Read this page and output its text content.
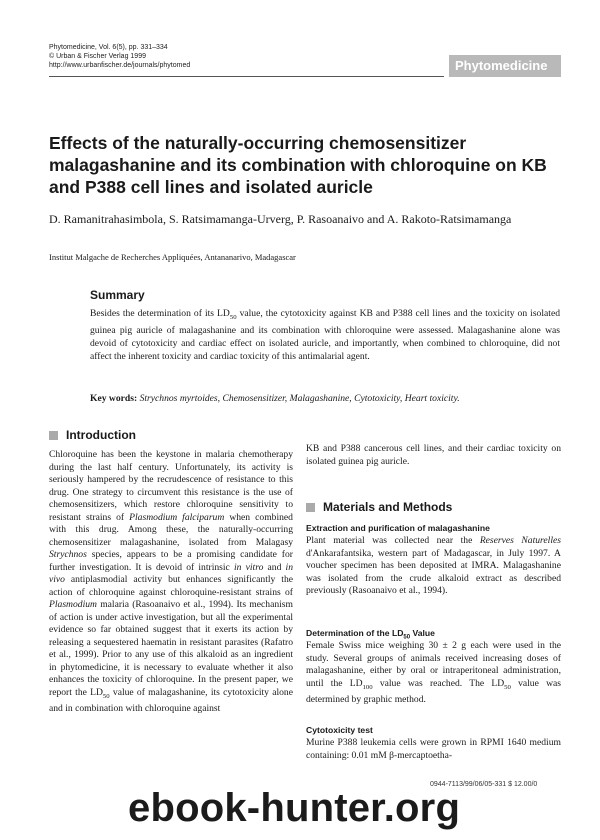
Phytomedicine, Vol. 6(5), pp. 331–334
© Urban & Fischer Verlag 1999
http://www.urbanfischer.de/journals/phytomed	Phytomedicine
Effects of the naturally-occurring chemosensitizer malagashanine and its combination with chloroquine on KB and P388 cell lines and isolated auricle
D. Ramanitrahasimbola, S. Ratsimamanga-Urverg, P. Rasoanaivo and A. Rakoto-Ratsimamanga
Institut Malgache de Recherches Appliquées, Antananarivo, Madagascar
Summary

Besides the determination of its $LD_{50}$ value, the cytotoxicity against KB and P388 cell lines and the toxicity on isolated guinea pig auricle of malagashanine and its combination with chloroquine were assessed. Malagashanine alone was devoid of cytotoxicity and cardiac effect on isolated auricle, and importantly, when combined to chloroquine, did not affect the inherent toxicity and cardiac toxicity of this antimalarial agent.

Key words: Strychnos myrtoides, Chemosensitizer, Malagashanine, Cytotoxicity, Heart toxicity.
Introduction

Chloroquine has been the keystone in malaria chemotherapy during the last half century. Unfortunately, its activity is seriously hampered by the recrudescence of resistance to this drug. One strategy to circumvent this resistance is the use of chemosensitizers, which restore chloroquine sensitivity to resistant strains of Plasmodium falciparum when combined with this drug. Among these, the naturally-occurring chemosensitizer malagashanine, isolated from Malagasy Strychnos species, appears to be a promising candidate for further investigation. It is devoid of intrinsic in vitro and in vivo antiplasmodial activity but enhances significantly the action of chloroquine against chloroquine-resistant strains of Plasmodium malaria (Rasoanaivo et al., 1994). Its mechanism of action is under active investigation, but all the experimental evidence so far obtained suggest that it exerts its action by releasing a sequestered haematin in resistant parasites (Rafatro et al., 1999). Prior to any use of this alkaloid as an ingredient in phytomedicine, it is necessary to evaluate whether it also enhances the toxicity of chloroquine. In the present paper, we report the $LD_{50}$ value of malagashanine, its cytotoxicity alone and in combination with chloroquine against

KB and P388 cancerous cell lines, and their cardiac toxicity on isolated guinea pig auricle.

Materials and Methods
Extraction and purification of malagashanine

Plant material was collected near the Reserves Naturelles d'Ankarafantsika, western part of Madagascar, in July 1997. A voucher specimen has been deposited at IMRA. Malagashanine was isolated from the crude alkaloid extract as described previously (Rasoanaivo et al., 1994).

Determination of the $LD_{50}$ Value

Female Swiss mice weighing 30 ± 2 g each were used in the study. Several groups of animals received increasing doses of malagashanine, either by oral or intraperitoneal administration, until the $LD_{100}$ value was reached. The $LD_{50}$ value was determined by graphic method.

Cytotoxicity test

Murine P388 leukemia cells were grown in RPMI 1640 medium containing: 0.01 mM β-mercaptoetha-

0944-7113/99/06/05-331 $ 12.00/0
ebook-hunter.org
